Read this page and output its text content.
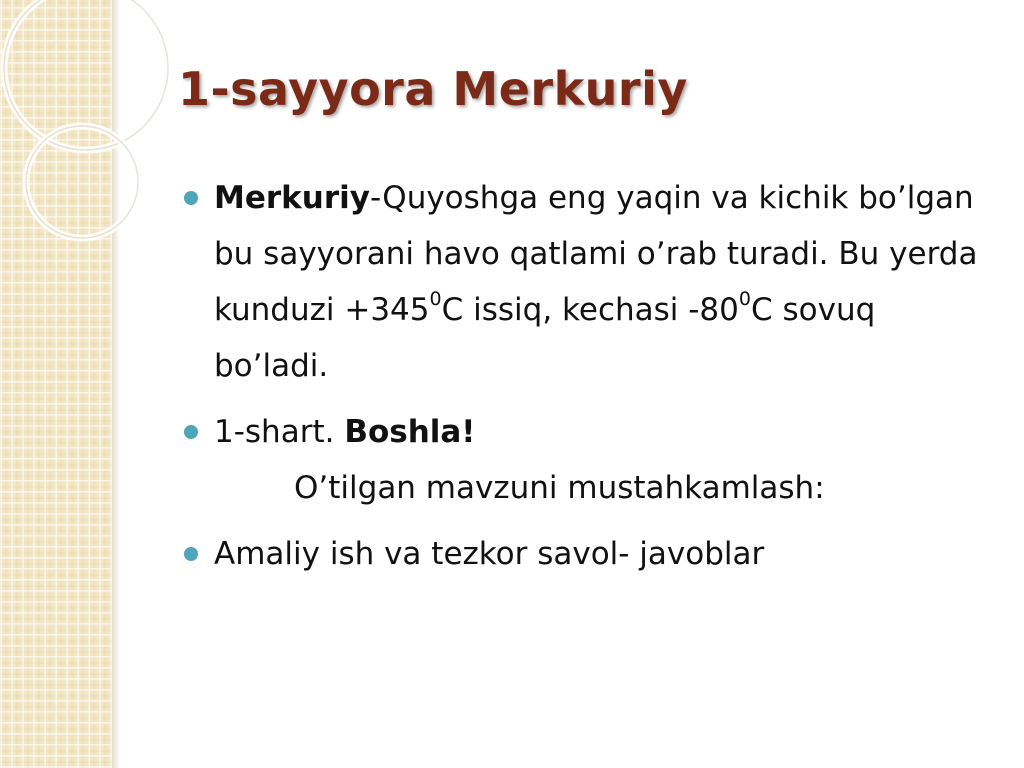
1-sayyora Merkuriy
Merkuriy-Quyoshga eng yaqin va kichik bo’lgan bu sayyorani havo qatlami o’rab turadi. Bu yerda kunduzi $+345^0C$ issiq, kechasi $-80^0C$ sovuq bo’ladi.
1-shart. Boshla!
O’tilgan mavzuni mustahkamlash:
Amaliy ish va tezkor savol- javoblar
